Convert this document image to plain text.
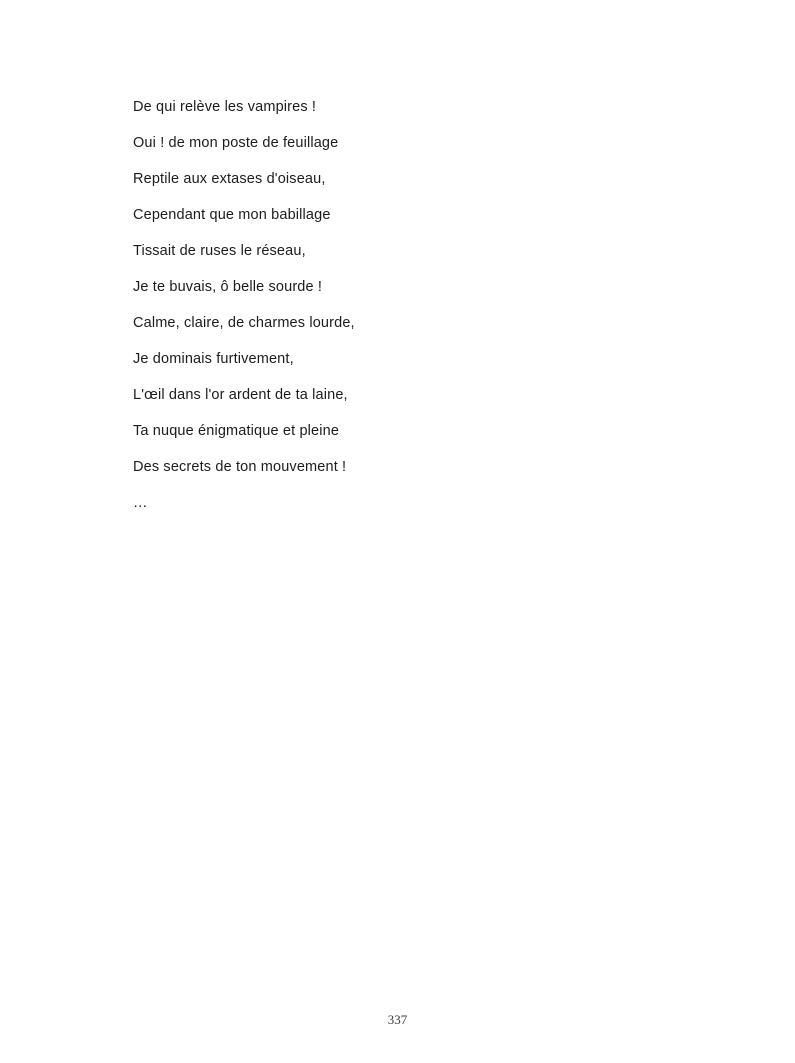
De qui relève les vampires !
Oui ! de mon poste de feuillage
Reptile aux extases d'oiseau,
Cependant que mon babillage
Tissait de ruses le réseau,
Je te buvais, ô belle sourde !
Calme, claire, de charmes lourde,
Je dominais furtivement,
L'œil dans l'or ardent de ta laine,
Ta nuque énigmatique et pleine
Des secrets de ton mouvement !
…
337
